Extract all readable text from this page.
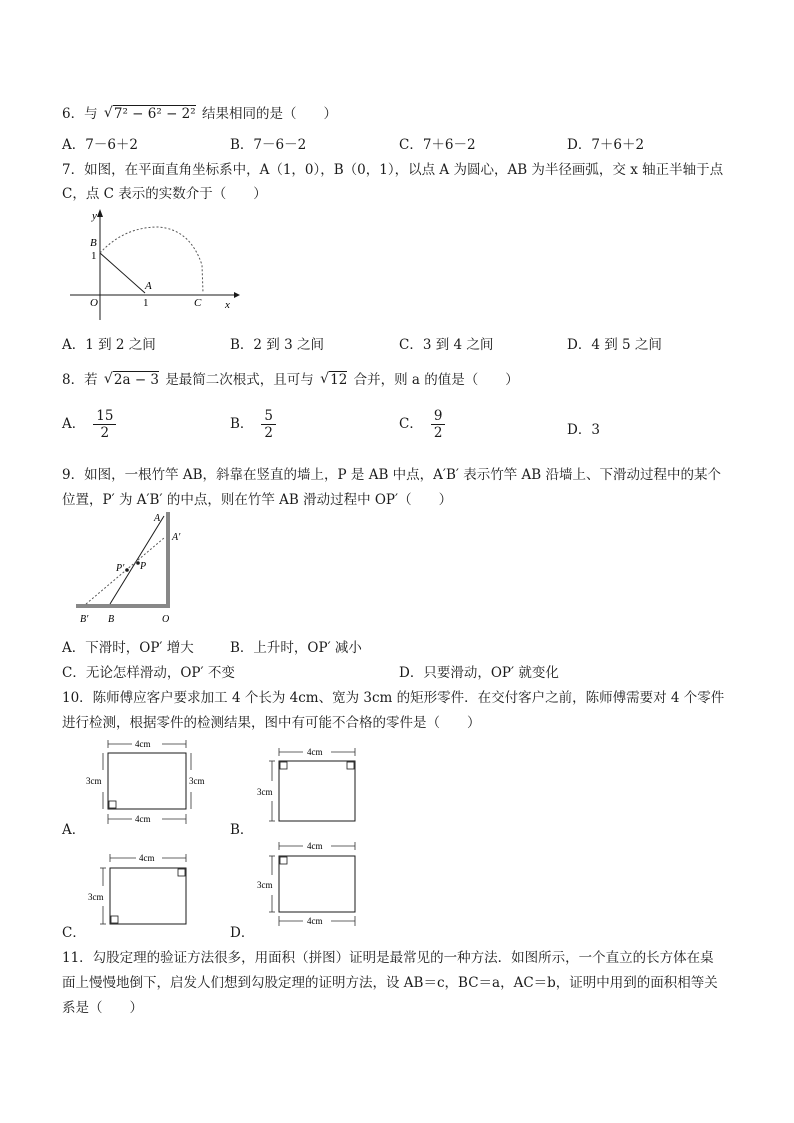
6．与 √ 7² − 6² − 2² 结果相同的是（　　）
A．7－6＋2	B．7－6－2	C．7＋6－2	D．7＋6＋2
7．如图，在平面直角坐标系中，A（1，0），B（0，1），以点 A 为圆心，AB 为半径画弧，交 x 轴正半轴于点
C，点 C 表示的实数介于（　　）
y
x
O
B
1
A
1	C
A．1 到 2 之间	B．2 到 3 之间	C．3 到 4 之间	D．4 到 5 之间
8．若 √ 2a − 3 是最简二次根式，且可与 √ 12 合并，则 a 的值是（　　）
A． $\frac{15}{2}$	B． $\frac{5}{2}$	C． $\frac{9}{2}$	D．3
9．如图，一根竹竿 AB，斜靠在竖直的墙上，P 是 AB 中点，A′B′ 表示竹竿 AB 沿墙上、下滑动过程中的某个
位置，P′ 为 A′B′ 的中点，则在竹竿 AB 滑动过程中 OP′（　　）
A
A′
P
P′
B
B′	O
A．下滑时，OP′ 增大	B．上升时，OP′ 减小
C．无论怎样滑动，OP′ 不变	D．只要滑动，OP′ 就变化
10．陈师傅应客户要求加工 4 个长为 4cm、宽为 3cm 的矩形零件．在交付客户之前，陈师傅需要对 4 个零件
进行检测，根据零件的检测结果，图中有可能不合格的零件是（　　）
4cm
3cm	3cm
4cm
A．
4cm
3cm
B．
4cm
3cm
C．
4cm
3cm
4cm
D．
11．勾股定理的验证方法很多，用面积（拼图）证明是最常见的一种方法．如图所示，一个直立的长方体在桌
面上慢慢地倒下，启发人们想到勾股定理的证明方法，设 AB＝c，BC＝a，AC＝b，证明中用到的面积相等关
系是（　　）
